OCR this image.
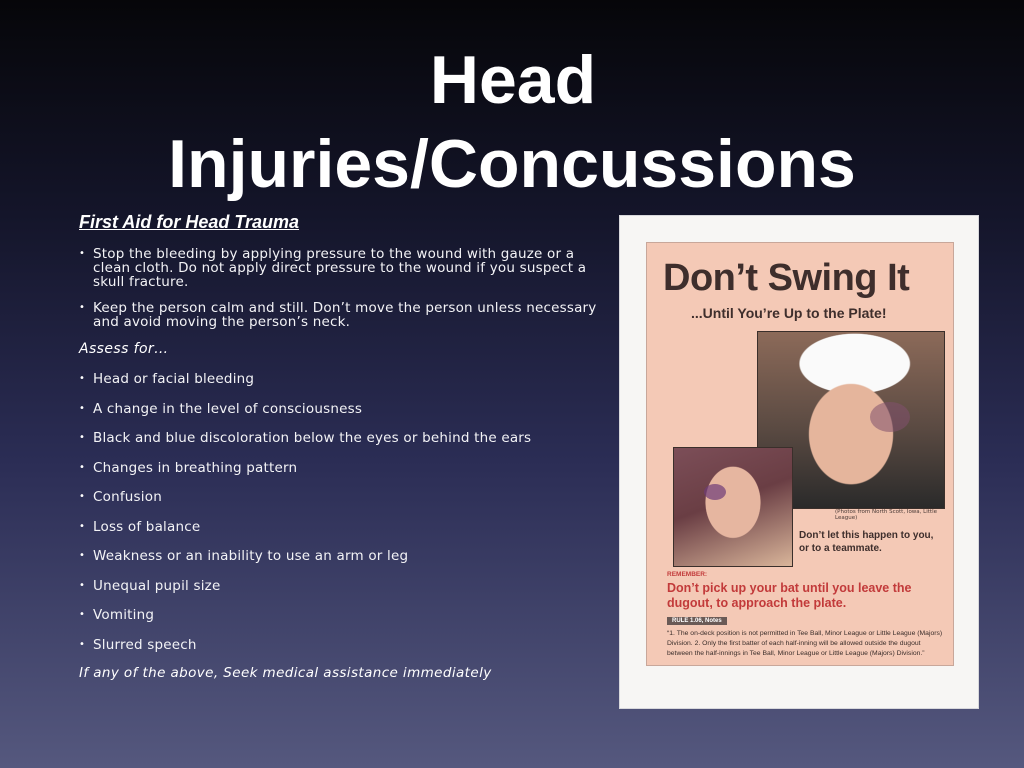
Head
Injuries/Concussions
First Aid for Head Trauma
• Stop the bleeding by applying pressure to the wound with gauze or a clean cloth. Do not apply direct pressure to the wound if you suspect a skull fracture.
• Keep the person calm and still. Don’t move the person unless necessary and avoid moving the person’s neck.
Assess for…
• Head or facial bleeding
• A change in the level of consciousness
• Black and blue discoloration below the eyes or behind the ears
• Changes in breathing pattern
• Confusion
• Loss of balance
• Weakness or an inability to use an arm or leg
• Unequal pupil size
• Vomiting
• Slurred speech
If any of the above, Seek medical assistance immediately

Don’t Swing It
...Until You’re Up to the Plate!
(Photos from North Scott, Iowa, Little League)
Don’t let this happen to you, or to a teammate.
REMEMBER:
Don’t pick up your bat until you leave the dugout, to approach the plate.
RULE 1.06, Notes
“1. The on-deck position is not permitted in Tee Ball, Minor League or Little League (Majors) Division. 2. Only the first batter of each half-inning will be allowed outside the dugout between the half-innings in Tee Ball, Minor League or Little League (Majors) Division.”
